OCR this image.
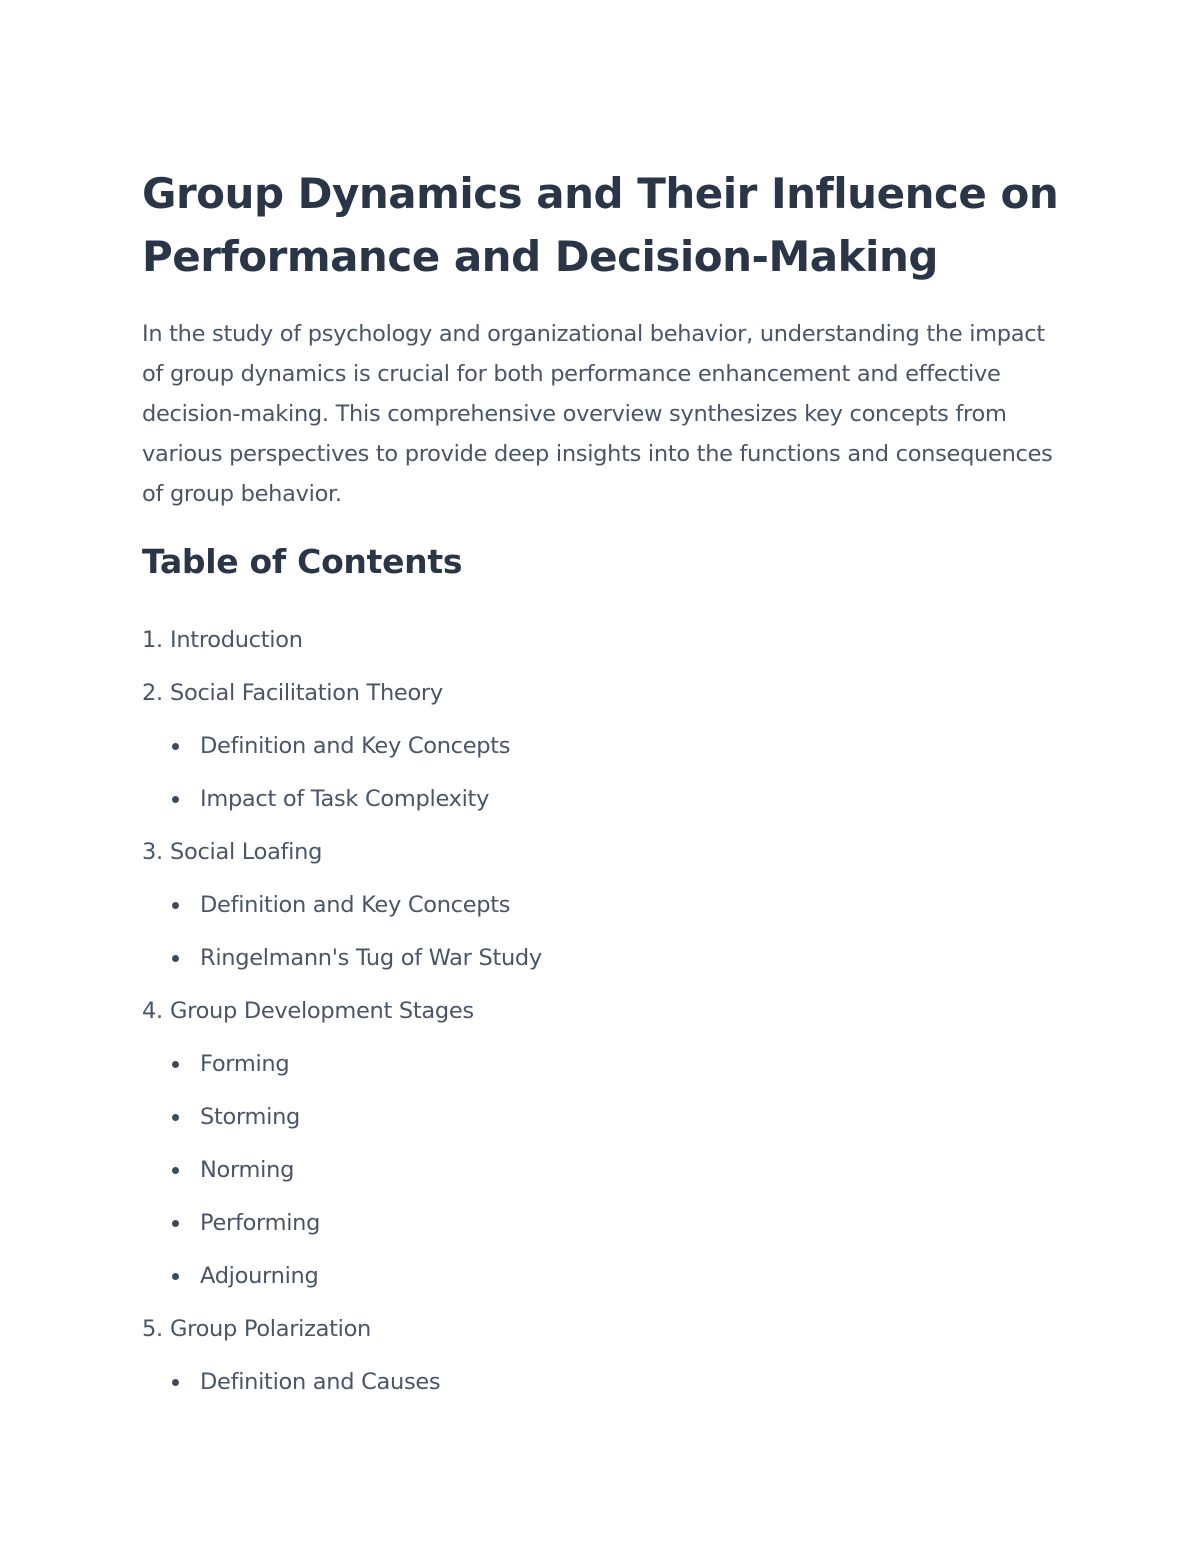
Group Dynamics and Their Influence on Performance and Decision-Making

In the study of psychology and organizational behavior, understanding the impact of group dynamics is crucial for both performance enhancement and effective decision-making. This comprehensive overview synthesizes key concepts from various perspectives to provide deep insights into the functions and consequences of group behavior.

Table of Contents
1. Introduction
2. Social Facilitation Theory
Definition and Key Concepts
Impact of Task Complexity
3. Social Loafing
Definition and Key Concepts
Ringelmann's Tug of War Study
4. Group Development Stages
Forming
Storming
Norming
Performing
Adjourning
5. Group Polarization
Definition and Causes
